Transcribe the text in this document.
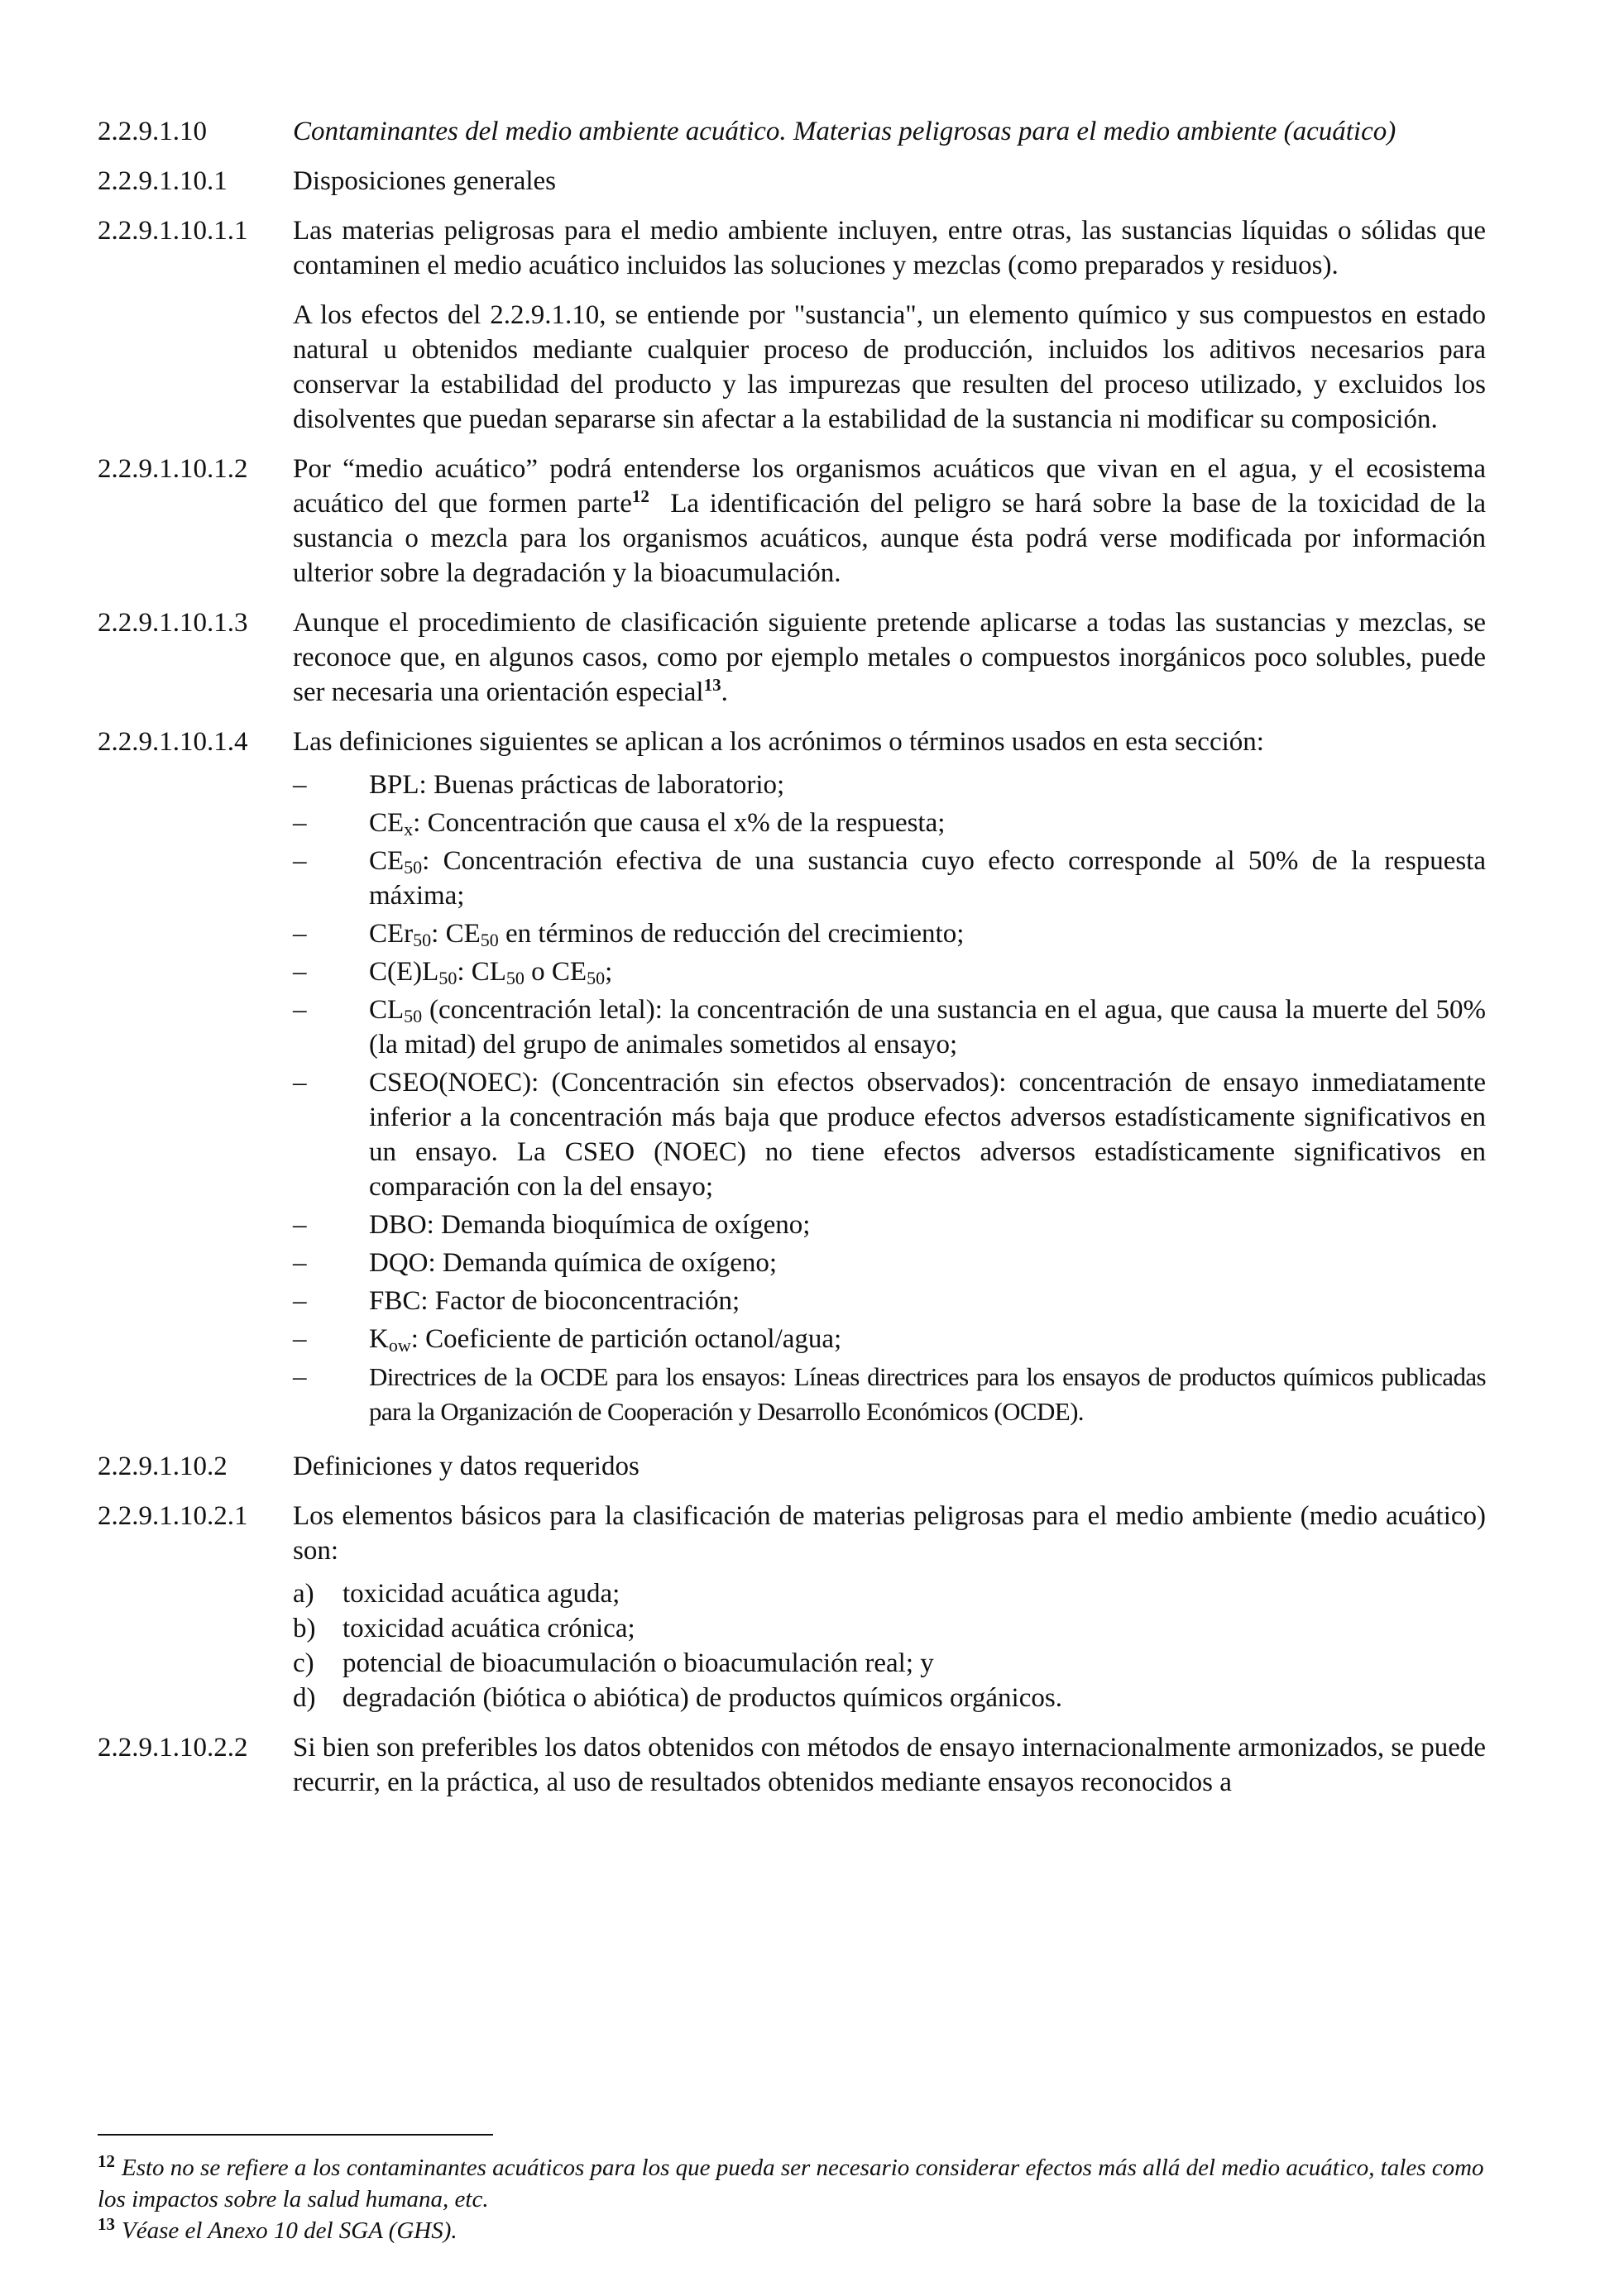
2.2.9.1.10	Contaminantes del medio ambiente acuático. Materias peligrosas para el medio ambiente (acuático)
2.2.9.1.10.1	Disposiciones generales
2.2.9.1.10.1.1	Las materias peligrosas para el medio ambiente incluyen, entre otras, las sustancias líquidas o sólidas que contaminen el medio acuático incluidos las soluciones y mezclas (como preparados y residuos).

A los efectos del 2.2.9.1.10, se entiende por "sustancia", un elemento químico y sus compuestos en estado natural u obtenidos mediante cualquier proceso de producción, incluidos los aditivos necesarios para conservar la estabilidad del producto y las impurezas que resulten del proceso utilizado, y excluidos los disolventes que puedan separarse sin afectar a la estabilidad de la sustancia ni modificar su composición.

2.2.9.1.10.1.2	Por “medio acuático” podrá entenderse los organismos acuáticos que vivan en el agua, y el ecosistema acuático del que formen parte$^{12}$  La identificación del peligro se hará sobre la base de la toxicidad de la sustancia o mezcla para los organismos acuáticos, aunque ésta podrá verse modificada por información ulterior sobre la degradación y la bioacumulación.
2.2.9.1.10.1.3	Aunque el procedimiento de clasificación siguiente pretende aplicarse a todas las sustancias y mezclas, se reconoce que, en algunos casos, como por ejemplo metales o compuestos inorgánicos poco solubles, puede ser necesaria una orientación especial$^{13}$.
2.2.9.1.10.1.4	Las definiciones siguientes se aplican a los acrónimos o términos usados en esta sección:
–	BPL: Buenas prácticas de laboratorio;
–	$CE_x$: Concentración que causa el x% de la respuesta;
–	$CE_{50}$: Concentración efectiva de una sustancia cuyo efecto corresponde al 50% de la respuesta máxima;
–	CEr$_{50}$: $CE_{50}$ en términos de reducción del crecimiento;
–	$C(E)L_{50}$: $CL_{50}$ o $CE_{50}$;
–	$CL_{50}$ (concentración letal): la concentración de una sustancia en el agua, que causa la muerte del 50% (la mitad) del grupo de animales sometidos al ensayo;
–	CSEO(NOEC): (Concentración sin efectos observados): concentración de ensayo inmediatamente inferior a la concentración más baja que produce efectos adversos estadísticamente significativos en un ensayo. La CSEO (NOEC) no tiene efectos adversos estadísticamente significativos en comparación con la del ensayo;
–	DBO: Demanda bioquímica de oxígeno;
–	DQO: Demanda química de oxígeno;
–	FBC: Factor de bioconcentración;
–	$K_{ow}$: Coeficiente de partición octanol/agua;
–	Directrices de la OCDE para los ensayos: Líneas directrices para los ensayos de productos químicos publicadas para la Organización de Cooperación y Desarrollo Económicos (OCDE).
2.2.9.1.10.2	Definiciones y datos requeridos
2.2.9.1.10.2.1	Los elementos básicos para la clasificación de materias peligrosas para el medio ambiente (medio acuático) son:
a)	toxicidad acuática aguda;
b) toxicidad acuática crónica;
c)	potencial de bioacumulación o bioacumulación real; y
d) degradación (biótica o abiótica) de productos químicos orgánicos.
2.2.9.1.10.2.2	Si bien son preferibles los datos obtenidos con métodos de ensayo internacionalmente armonizados, se puede recurrir, en la práctica, al uso de resultados obtenidos mediante ensayos reconocidos a
$^{12}$ Esto no se refiere a los contaminantes acuáticos para los que pueda ser necesario considerar efectos más allá del medio acuático, tales como los impactos sobre la salud humana, etc.
$^{13}$ Véase el Anexo 10 del SGA (GHS).
